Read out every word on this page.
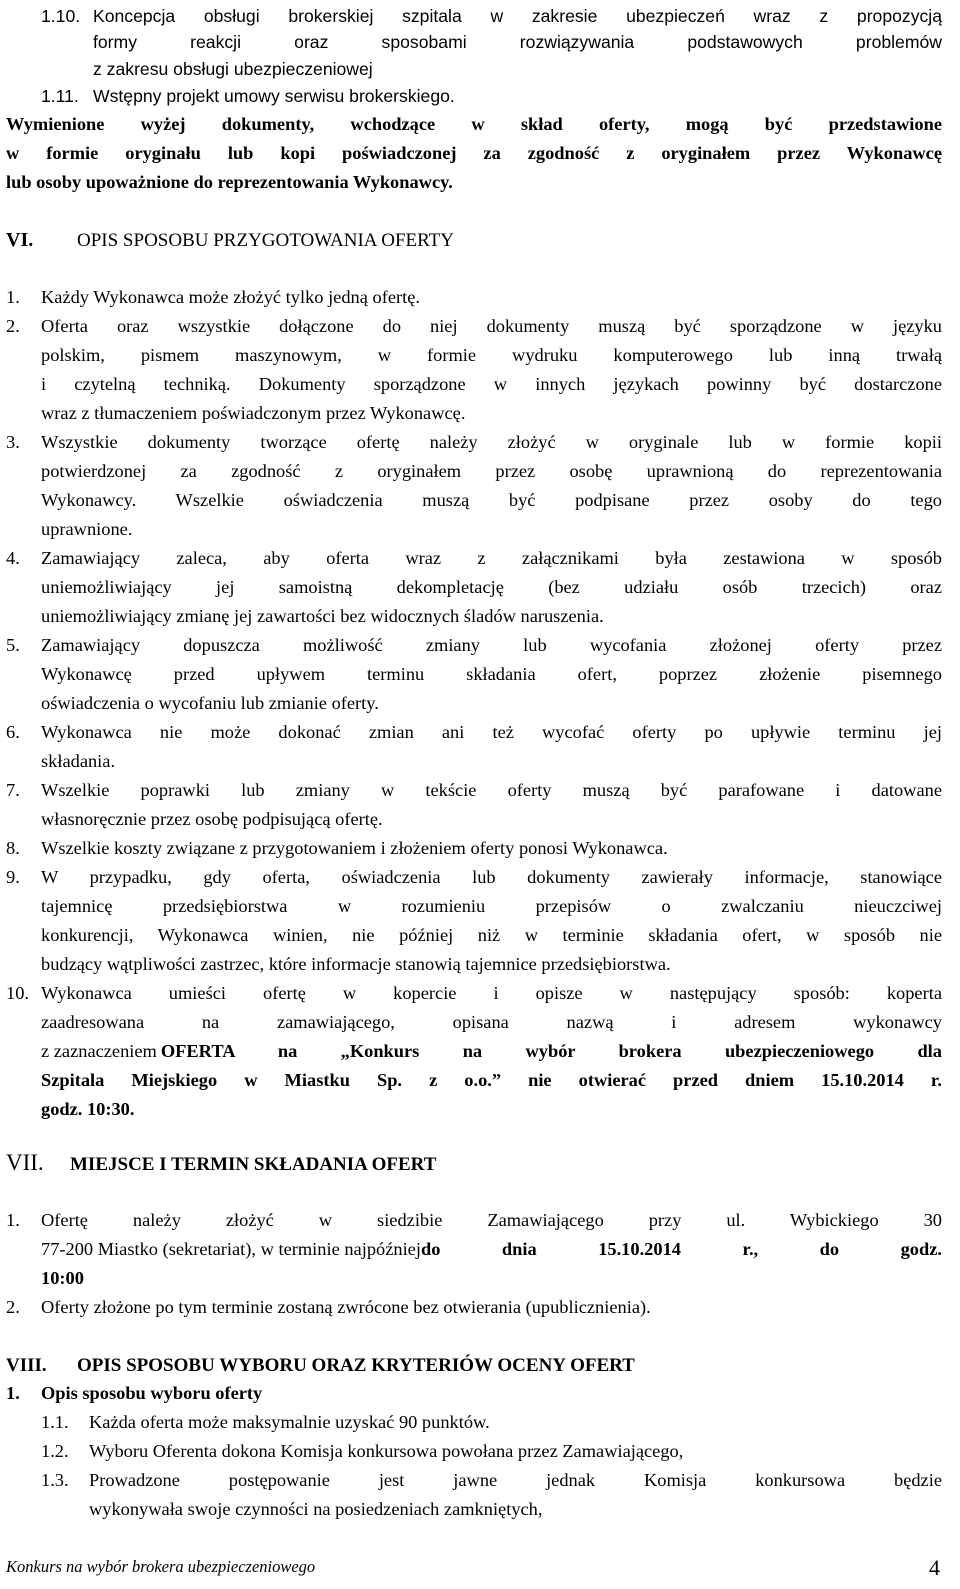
1.10. Koncepcja obsługi brokerskiej szpitala w zakresie ubezpieczeń wraz z propozycją
formy reakcji oraz sposobami rozwiązywania podstawowych problemów
z zakresu obsługi ubezpieczeniowej
1.11. Wstępny projekt umowy serwisu brokerskiego.
Wymienione wyżej dokumenty, wchodzące w skład oferty, mogą być przedstawione
w formie oryginału lub kopi poświadczonej za zgodność z oryginałem przez Wykonawcę
lub osoby upoważnione do reprezentowania Wykonawcy.
VI. OPIS SPOSOBU PRZYGOTOWANIA OFERTY
1. Każdy Wykonawca może złożyć tylko jedną ofertę.
2. Oferta oraz wszystkie dołączone do niej dokumenty muszą być sporządzone w języku
polskim, pismem maszynowym, w formie wydruku komputerowego lub inną trwałą
i czytelną techniką. Dokumenty sporządzone w innych językach powinny być dostarczone
wraz z tłumaczeniem poświadczonym przez Wykonawcę.
3. Wszystkie dokumenty tworzące ofertę należy złożyć w oryginale lub w formie kopii
potwierdzonej za zgodność z oryginałem przez osobę uprawnioną do reprezentowania
Wykonawcy. Wszelkie oświadczenia muszą być podpisane przez osoby do tego
uprawnione.
4. Zamawiający zaleca, aby oferta wraz z załącznikami była zestawiona w sposób
uniemożliwiający jej samoistną dekompletację (bez udziału osób trzecich) oraz
uniemożliwiający zmianę jej zawartości bez widocznych śladów naruszenia.
5. Zamawiający dopuszcza możliwość zmiany lub wycofania złożonej oferty przez
Wykonawcę przed upływem terminu składania ofert, poprzez złożenie pisemnego
oświadczenia o wycofaniu lub zmianie oferty.
6. Wykonawca nie może dokonać zmian ani też wycofać oferty po upływie terminu jej
składania.
7. Wszelkie poprawki lub zmiany w tekście oferty muszą być parafowane i datowane
własnoręcznie przez osobę podpisującą ofertę.
8. Wszelkie koszty związane z przygotowaniem i złożeniem oferty ponosi Wykonawca.
9. W przypadku, gdy oferta, oświadczenia lub dokumenty zawierały informacje, stanowiące
tajemnicę przedsiębiorstwa w rozumieniu przepisów o zwalczaniu nieuczciwej
konkurencji, Wykonawca winien, nie później niż w terminie składania ofert, w sposób nie
budzący wątpliwości zastrzec, które informacje stanowią tajemnice przedsiębiorstwa.
10. Wykonawca umieści ofertę w kopercie i opisze w następujący sposób: koperta
zaadresowana na zamawiającego, opisana nazwą i adresem wykonawcy
z zaznaczeniem OFERTA na „Konkurs na wybór brokera ubezpieczeniowego dla
Szpitala Miejskiego w Miastku Sp. z o.o.” nie otwierać przed dniem 15.10.2014 r.
godz. 10:30.
VII. MIEJSCE I TERMIN SKŁADANIA OFERT
1. Ofertę należy złożyć w siedzibie Zamawiającego przy ul. Wybickiego 30
77-200 Miastko (sekretariat), w terminie najpóźniej do dnia 15.10.2014 r., do godz.
10:00
2. Oferty złożone po tym terminie zostaną zwrócone bez otwierania (upublicznienia).
VIII. OPIS SPOSOBU WYBORU ORAZ KRYTERIÓW OCENY OFERT
1. Opis sposobu wyboru oferty
1.1. Każda oferta może maksymalnie uzyskać 90 punktów.
1.2. Wyboru Oferenta dokona Komisja konkursowa powołana przez Zamawiającego,
1.3. Prowadzone postępowanie jest jawne jednak Komisja konkursowa będzie
wykonywała swoje czynności na posiedzeniach zamkniętych,
Konkurs na wybór brokera ubezpieczeniowego	4
